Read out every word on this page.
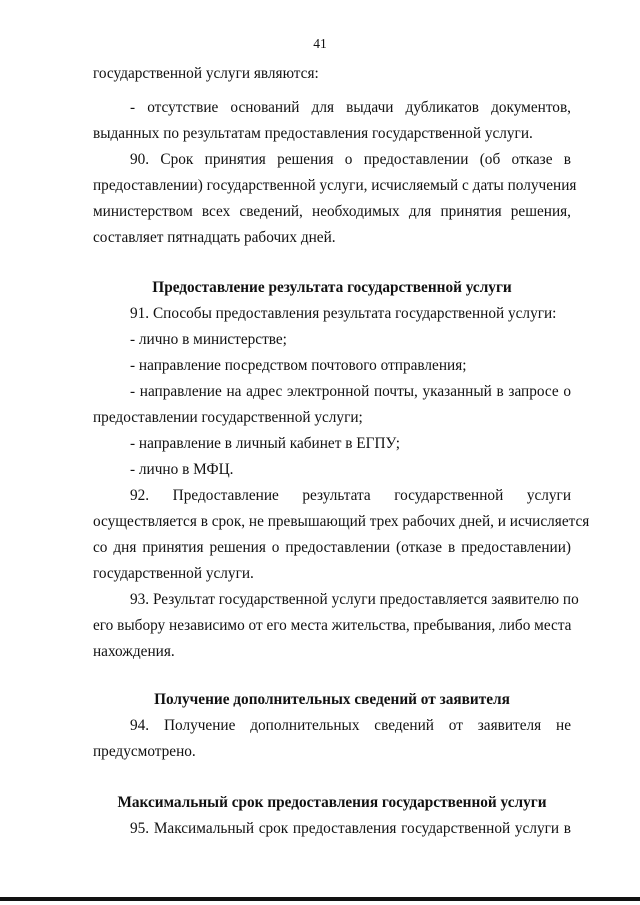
41
государственной услуги являются:
- отсутствие оснований для выдачи дубликатов документов,
выданных по результатам предоставления государственной услуги.
90. Срок принятия решения о предоставлении (об отказе в
предоставлении) государственной услуги, исчисляемый с даты получения
министерством всех сведений, необходимых для принятия решения,
составляет пятнадцать рабочих дней.
Предоставление результата государственной услуги
91. Способы предоставления результата государственной услуги:
- лично в министерстве;
- направление посредством почтового отправления;
- направление на адрес электронной почты, указанный в запросе о
предоставлении государственной услуги;
- направление в личный кабинет в ЕГПУ;
- лично в МФЦ.
92. Предоставление результата государственной услуги
осуществляется в срок, не превышающий трех рабочих дней, и исчисляется
со дня принятия решения о предоставлении (отказе в предоставлении)
государственной услуги.
93. Результат государственной услуги предоставляется заявителю по
его выбору независимо от его места жительства, пребывания, либо места
нахождения.
Получение дополнительных сведений от заявителя
94. Получение дополнительных сведений от заявителя не
предусмотрено.
Максимальный срок предоставления государственной услуги
95. Максимальный срок предоставления государственной услуги в
